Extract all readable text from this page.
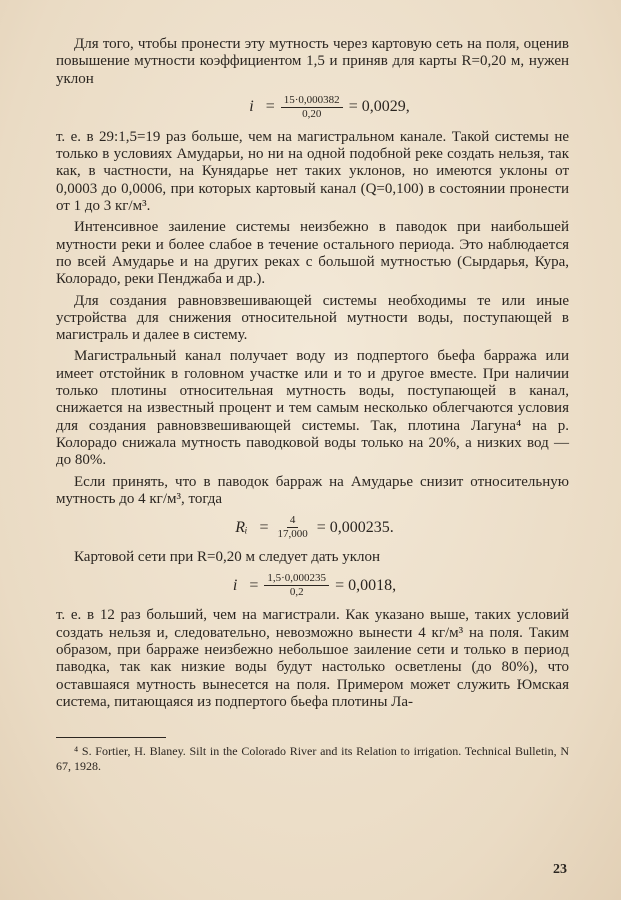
Для того, чтобы пронести эту мутность через картовую сеть на поля, оценив повышение мутности коэффициентом 1,5 и приняв для карты R=0,20 м, нужен уклон

$i = \frac{15\cdot 0,000382}{0,20} = 0,0029$,

т. е. в 29:1,5=19 раз больше, чем на магистральном канале. Такой системы не только в условиях Амударьи, но ни на одной подобной реке создать нельзя, так как, в частности, на Кунядарье нет таких уклонов, но имеются уклоны от 0,0003 до 0,0006, при которых картовый канал (Q=0,100) в состоянии пронести от 1 до 3 кг/м³.

Интенсивное заиление системы неизбежно в паводок при наибольшей мутности реки и более слабое в течение остального периода. Это наблюдается по всей Амударье и на других реках с большой мутностью (Сырдарья, Кура, Колорадо, реки Пенджаба и др.).

Для создания равновзвешивающей системы необходимы те или иные устройства для снижения относительной мутности воды, поступающей в магистраль и далее в систему.

Магистральный канал получает воду из подпертого бьефа барража или имеет отстойник в головном участке или и то и другое вместе. При наличии только плотины относительная мутность воды, поступающей в канал, снижается на известный процент и тем самым несколько облегчаются условия для создания равновзвешивающей системы. Так, плотина Лагуна⁴ на р. Колорадо снижала мутность паводковой воды только на 20%, а низких вод — до 80%.

Если принять, что в паводок барраж на Амударье снизит относительную мутность до 4 кг/м³, тогда

Rᵢ = $\frac{4}{17,000} = 0,000235$.

Картовой сети при R=0,20 м следует дать уклон

$i = \frac{1,5\cdot 0,000235}{0,2} = 0,0018$,

т. е. в 12 раз больший, чем на магистрали. Как указано выше, таких условий создать нельзя и, следовательно, невозможно вынести 4 кг/м³ на поля. Таким образом, при барраже неизбежно небольшое заиление сети и только в период паводка, так как низкие воды будут настолько осветлены (до 80%), что оставшаяся мутность вынесется на поля. Примером может служить Юмская система, питающаяся из подпертого бьефа плотины Ла-

⁴ S. Fortier, H. Blaney. Silt in the Colorado River and its Relation to irrigation. Technical Bulletin, N 67, 1928.

23
